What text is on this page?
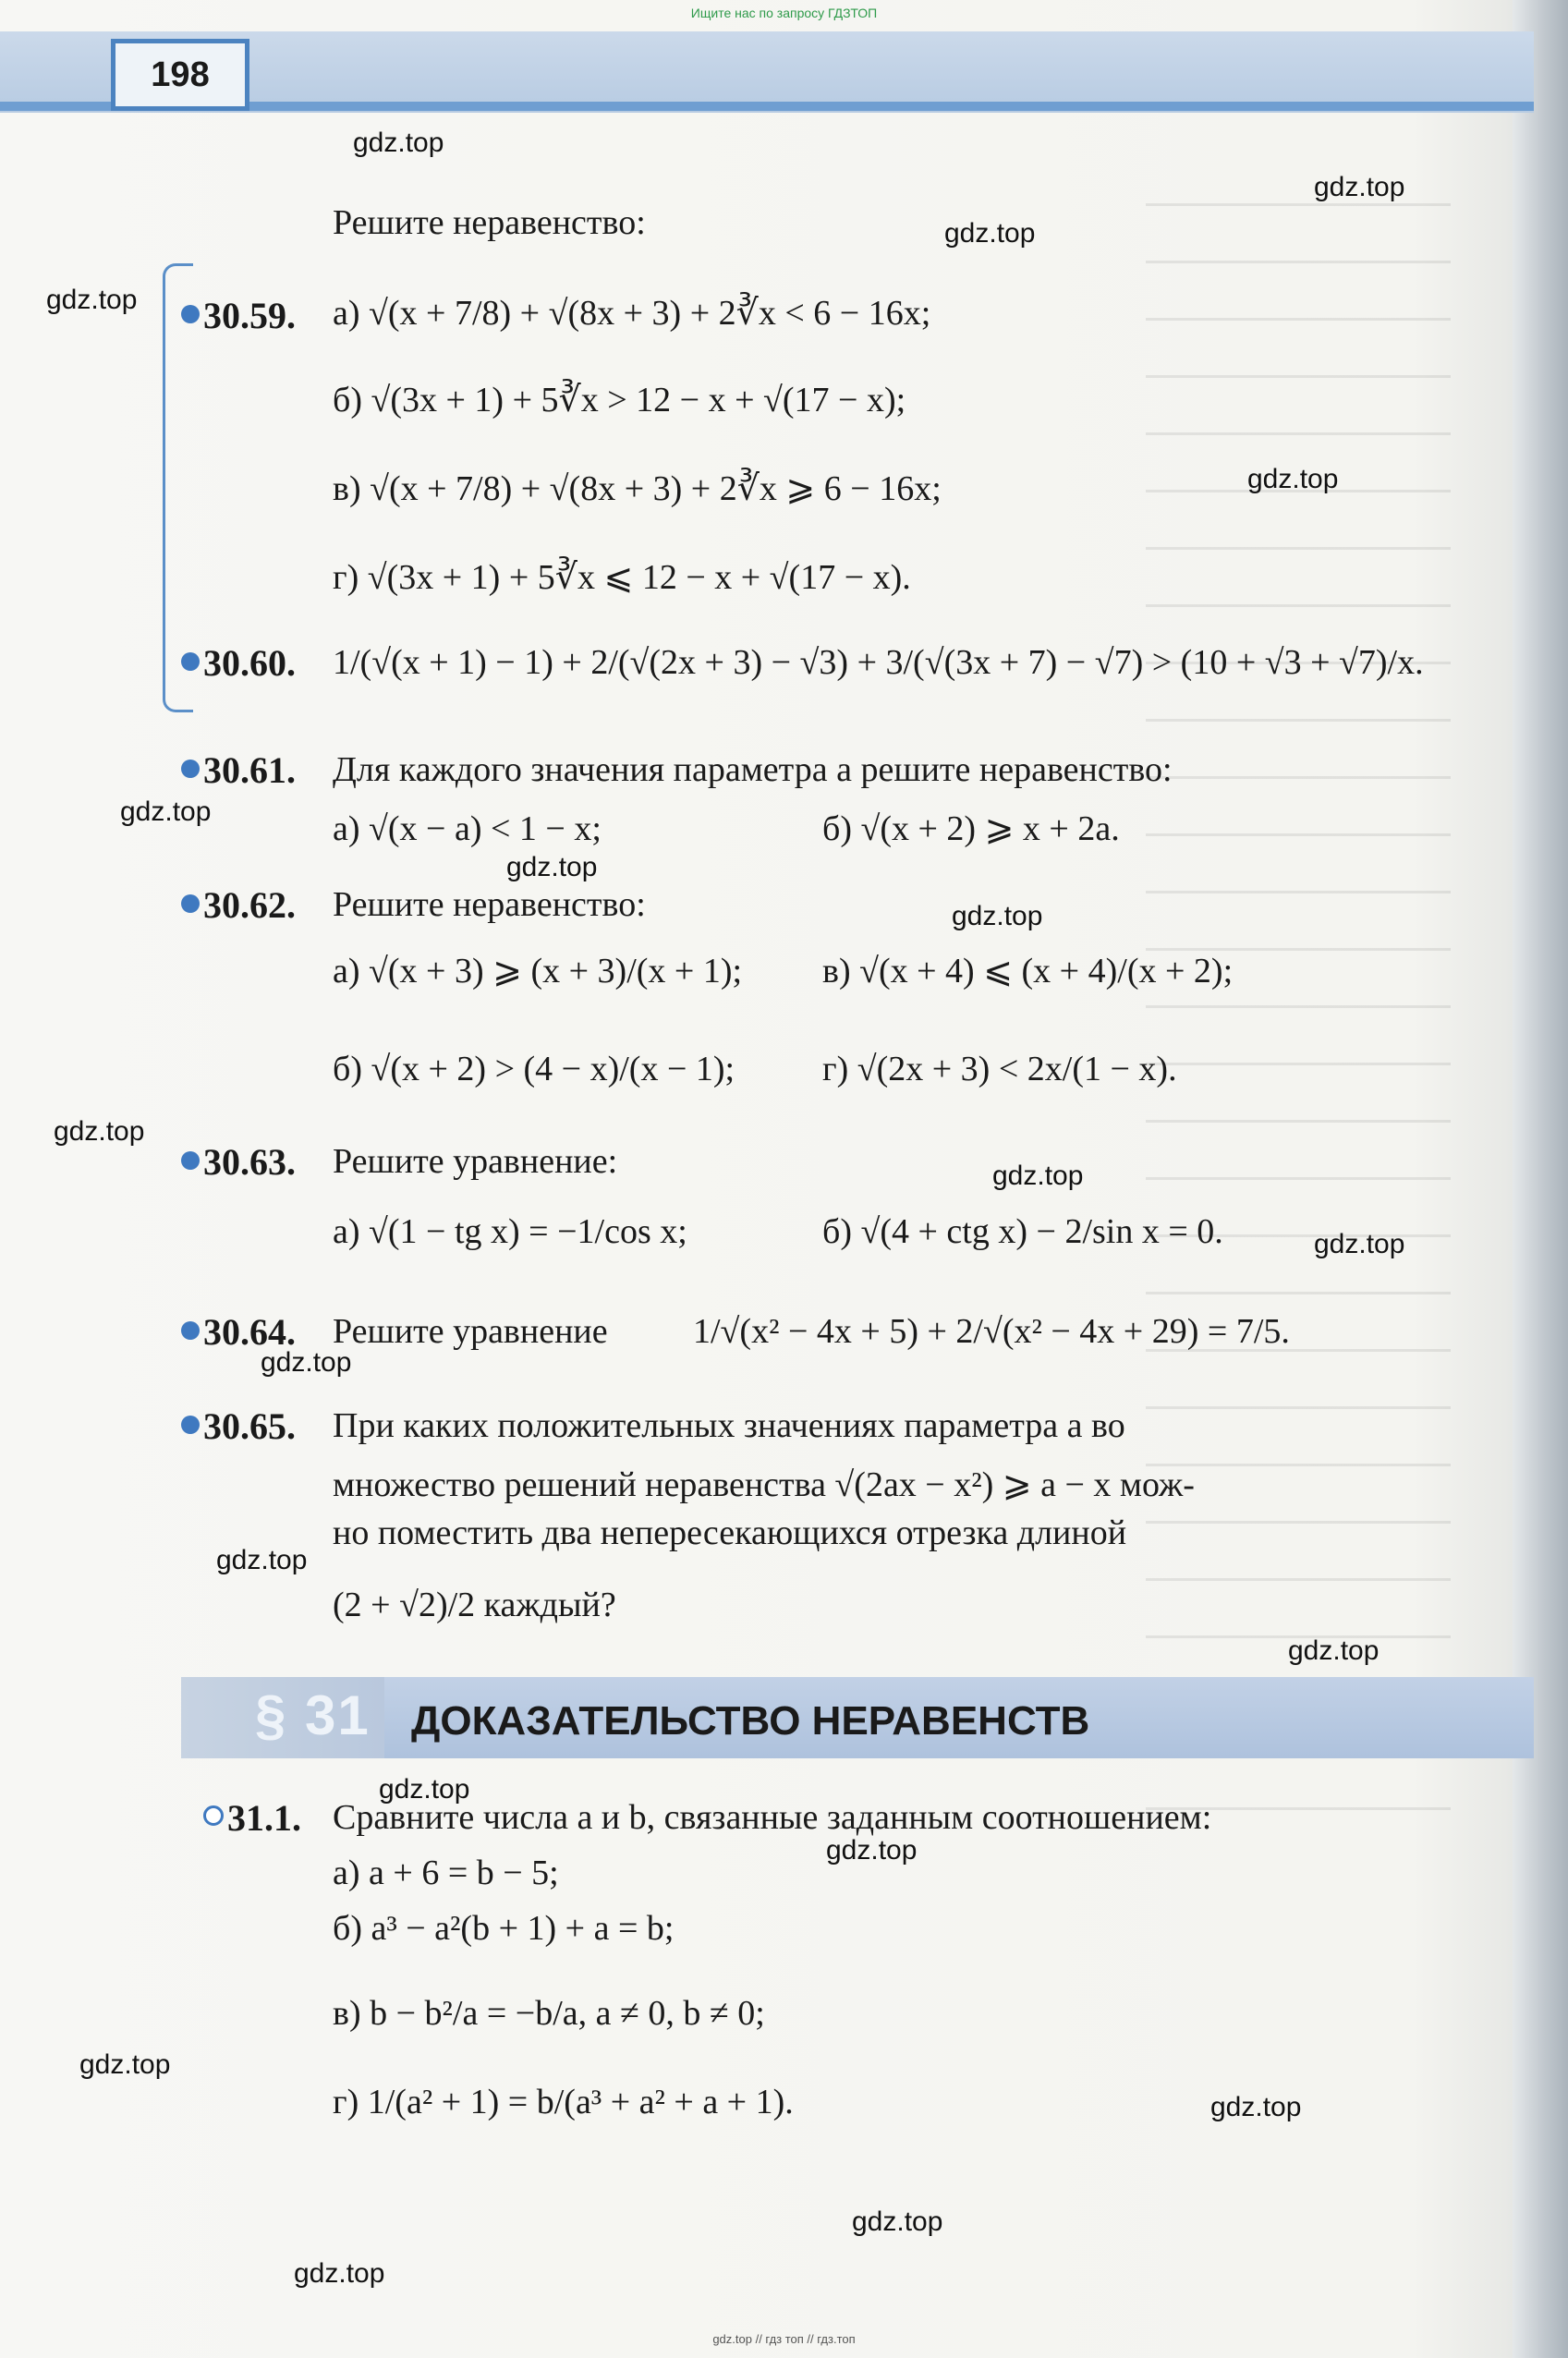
Ищите нас по запросу ГДЗТОП
198
gdz.top
gdz.top
gdz.top
gdz.top
gdz.top
gdz.top
gdz.top
gdz.top
gdz.top
gdz.top
gdz.top
gdz.top
gdz.top
gdz.top
gdz.top
gdz.top
gdz.top
gdz.top
gdz.top
gdz.top
Решите неравенство:
30.59. а) √(x + 7/8) + √(8x + 3) + 2∛x < 6 − 16x;
б) √(3x + 1) + 5∛x > 12 − x + √(17 − x);
в) √(x + 7/8) + √(8x + 3) + 2∛x ⩾ 6 − 16x;
г) √(3x + 1) + 5∛x ⩽ 12 − x + √(17 − x).
30.60. 1/(√(x + 1) − 1) + 2/(√(2x + 3) − √3) + 3/(√(3x + 7) − √7) > (10 + √3 + √7)/x.
30.61. Для каждого значения параметра a решите неравенство:
а) √(x − a) < 1 − x;	б) √(x + 2) ⩾ x + 2a.
30.62. Решите неравенство:
а) √(x + 3) ⩾ (x + 3)/(x + 1); в) √(x + 4) ⩽ (x + 4)/(x + 2);
б) √(x + 2) > (4 − x)/(x − 1); г) √(2x + 3) < 2x/(1 − x).
30.63. Решите уравнение:
а) √(1 − tg x) = −1/cos x;	б) √(4 + ctg x) − 2/sin x = 0.
30.64. Решите уравнение 1/√(x² − 4x + 5) + 2/√(x² − 4x + 29) = 7/5.
30.65. При каких положительных значениях параметра a во
множество решений неравенства √(2ax − x²) ⩾ a − x мож-
но поместить два непересекающихся отрезка длиной
(2 + √2)/2 каждый?
§ 31 ДОКАЗАТЕЛЬСТВО НЕРАВЕНСТВ
31.1. Сравните числа a и b, связанные заданным соотношением:
а) a + 6 = b − 5;
б) a³ − a²(b + 1) + a = b;
в) b − b²/a = −b/a, a ≠ 0, b ≠ 0;
г) 1/(a² + 1) = b/(a³ + a² + a + 1).
gdz.top // гдз топ // гдз.топ
